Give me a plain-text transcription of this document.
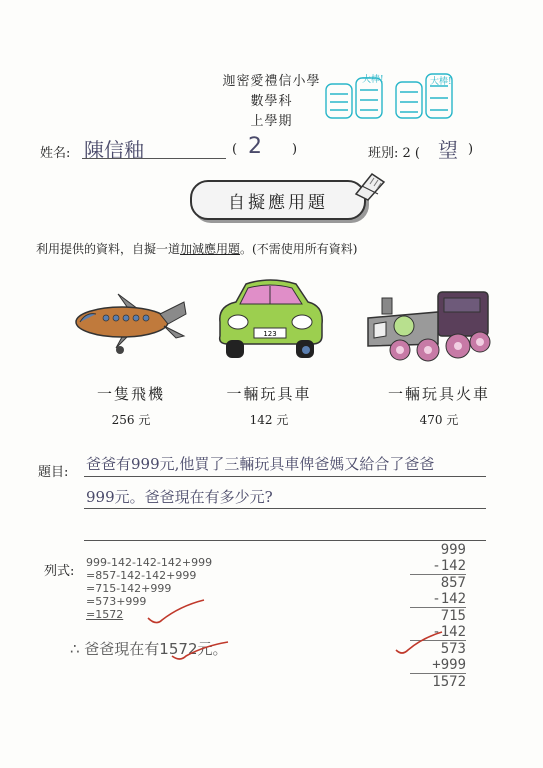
迦密愛禮信小學
數學科
上學期
大棒!	大棒!
姓名: 陳信釉	( 2 )	班別: 2 ( 望 )
自擬應用題
利用提供的資料，自擬一道加減應用題。(不需使用所有資料)
123
一隻飛機
256 元
一輛玩具車
142 元
一輛玩具火車
470 元
題目: 爸爸有999元,他買了三輛玩具車俾爸媽又給合了爸爸
999元。爸爸現在有多少元?
列式:
999-142-142-142+999
=857-142-142+999
=715-142+999
=573+999
=1572
∴ 爸爸現在有1572元。
999
-142
857
-142
715
-142
573
+999
1572
